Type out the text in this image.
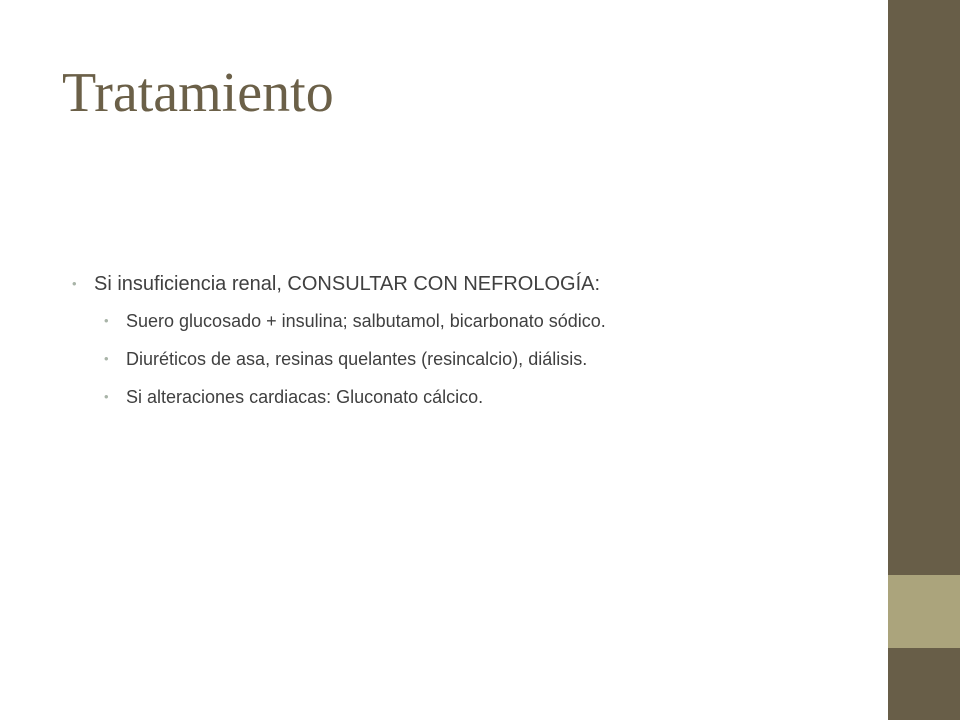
Tratamiento
• Si insuficiencia renal, CONSULTAR CON NEFROLOGÍA:
• Suero glucosado + insulina; salbutamol, bicarbonato sódico.
• Diuréticos de asa, resinas quelantes (resincalcio), diálisis.
• Si alteraciones cardiacas: Gluconato cálcico.
